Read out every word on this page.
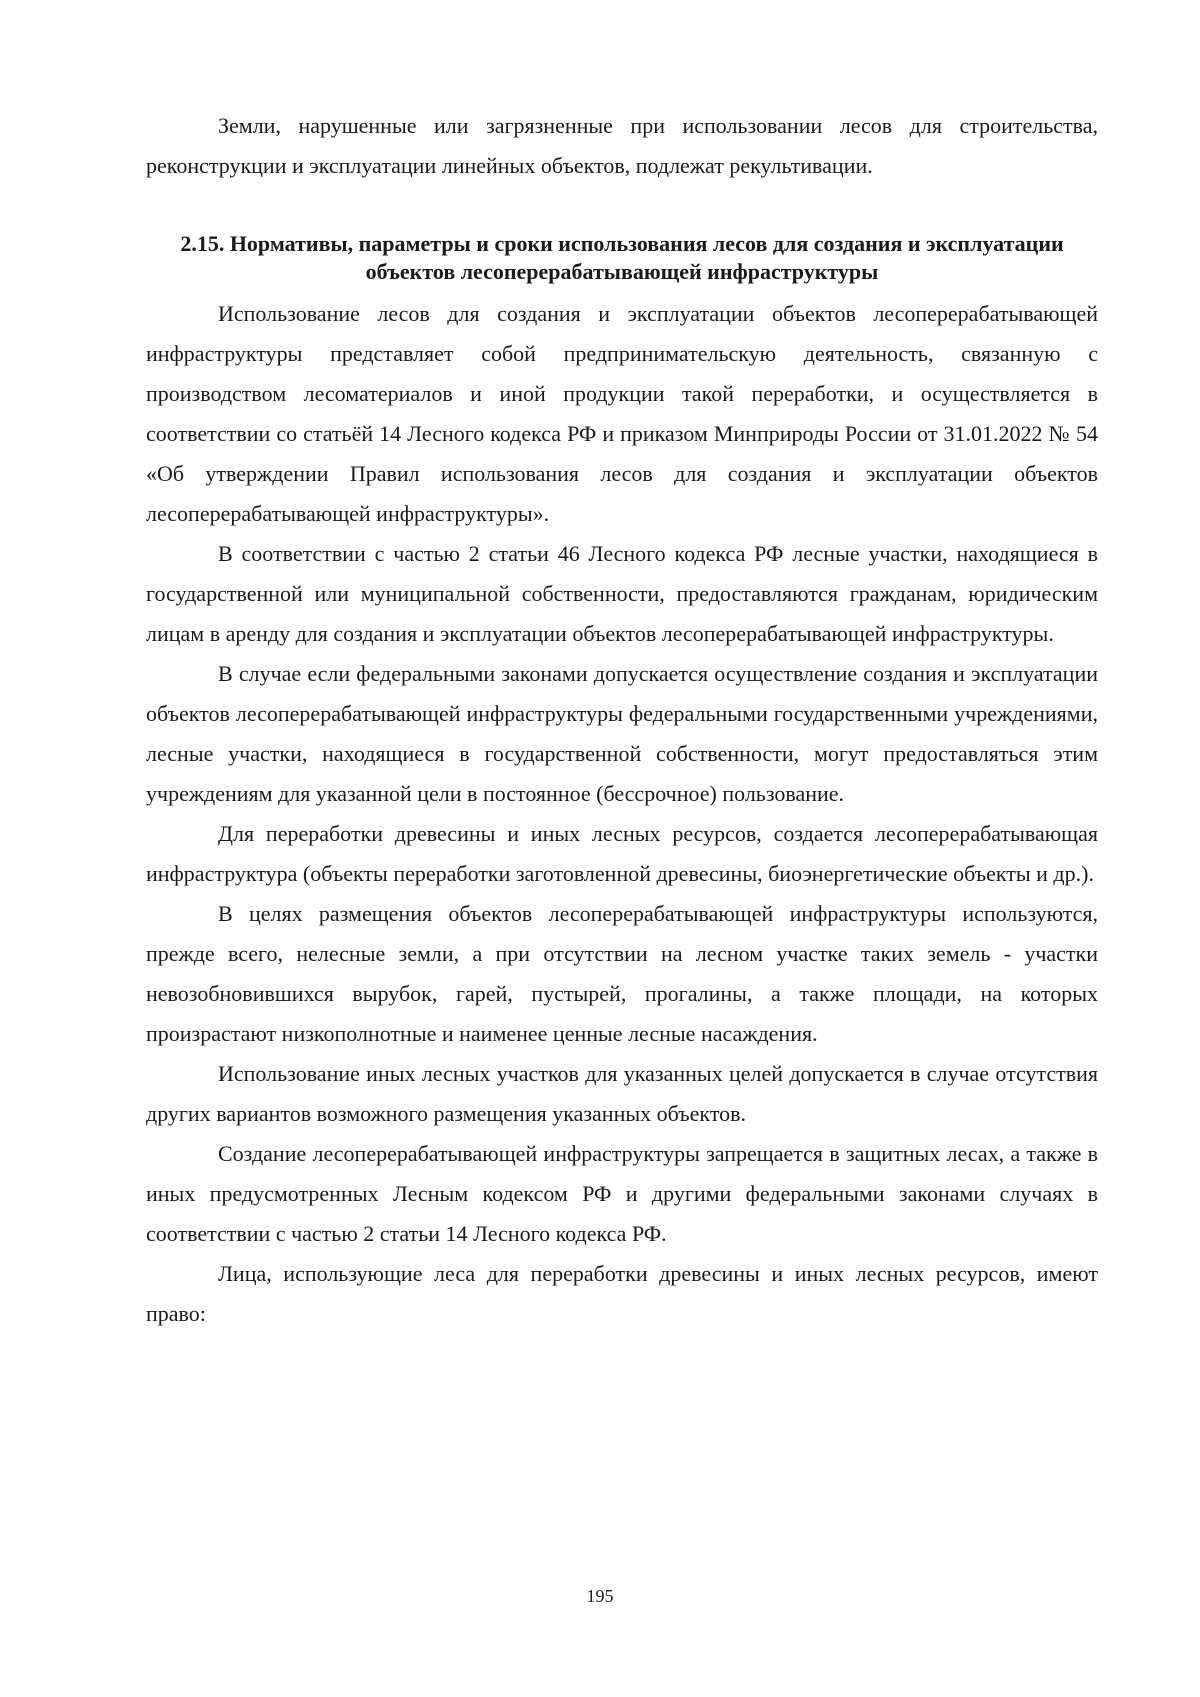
Земли, нарушенные или загрязненные при использовании лесов для строительства, реконструкции и эксплуатации линейных объектов, подлежат рекультивации.

2.15. Нормативы, параметры и сроки использования лесов для создания и эксплуатации объектов лесоперерабатывающей инфраструктуры

Использование лесов для создания и эксплуатации объектов лесоперерабатывающей инфраструктуры представляет собой предпринимательскую деятельность, связанную с производством лесоматериалов и иной продукции такой переработки, и осуществляется в соответствии со статьёй 14 Лесного кодекса РФ и приказом Минприроды России от 31.01.2022 № 54 «Об утверждении Правил использования лесов для создания и эксплуатации объектов лесоперерабатывающей инфраструктуры».

В соответствии с частью 2 статьи 46 Лесного кодекса РФ лесные участки, находящиеся в государственной или муниципальной собственности, предоставляются гражданам, юридическим лицам в аренду для создания и эксплуатации объектов лесоперерабатывающей инфраструктуры.

В случае если федеральными законами допускается осуществление создания и эксплуатации объектов лесоперерабатывающей инфраструктуры федеральными государственными учреждениями, лесные участки, находящиеся в государственной собственности, могут предоставляться этим учреждениям для указанной цели в постоянное (бессрочное) пользование.

Для переработки древесины и иных лесных ресурсов, создается лесоперерабатывающая инфраструктура (объекты переработки заготовленной древесины, биоэнергетические объекты и др.).

В целях размещения объектов лесоперерабатывающей инфраструктуры используются, прежде всего, нелесные земли, а при отсутствии на лесном участке таких земель - участки невозобновившихся вырубок, гарей, пустырей, прогалины, а также площади, на которых произрастают низкополнотные и наименее ценные лесные насаждения.

Использование иных лесных участков для указанных целей допускается в случае отсутствия других вариантов возможного размещения указанных объектов.

Создание лесоперерабатывающей инфраструктуры запрещается в защитных лесах, а также в иных предусмотренных Лесным кодексом РФ и другими федеральными законами случаях в соответствии с частью 2 статьи 14 Лесного кодекса РФ.

Лица, использующие леса для переработки древесины и иных лесных ресурсов, имеют право:

195
